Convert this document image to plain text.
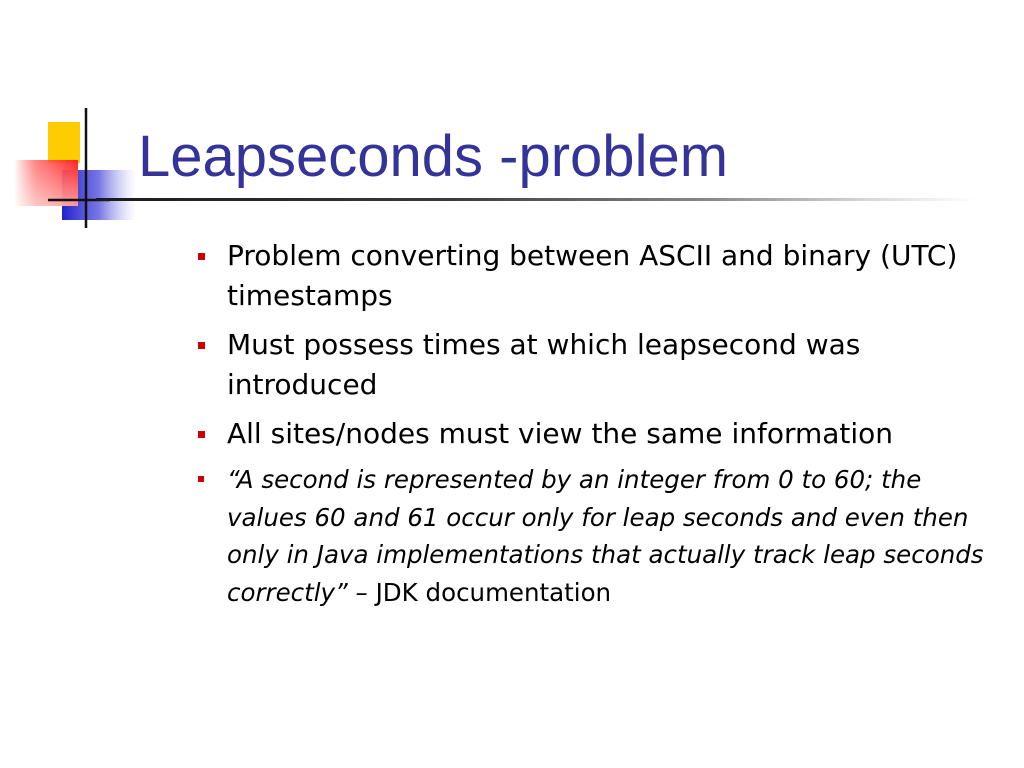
Leapseconds -problem
Problem converting between ASCII and binary (UTC) timestamps
Must possess times at which leapsecond was introduced
All sites/nodes must view the same information
“A second is represented by an integer from 0 to 60; the values 60 and 61 occur only for leap seconds and even then only in Java implementations that actually track leap seconds correctly” – JDK documentation
